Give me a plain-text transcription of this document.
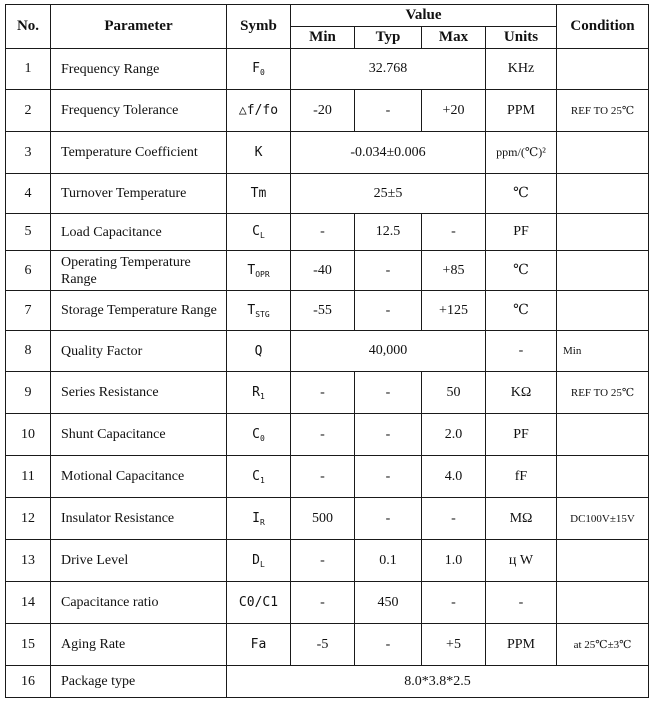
No.	Parameter	Symb	Value				Condition
			Min	Typ	Max	Units	
1	Frequency Range	$F_0$	32.768			KHz	
2	Frequency Tolerance	△f/fo	-20	-	+20	PPM	REF TO 25℃
3	Temperature Coefficient	K	-0.034±0.006			ppm/(℃)²	
4	Turnover Temperature	Tm	25±5			℃	
5	Load Capacitance	$C_L$	-	12.5	-	PF	
6	Operating Temperature Range	$T_{OPR}$	-40	-	+85	℃	
7	Storage Temperature Range	$T_{STG}$	-55	-	+125	℃	
8	Quality Factor	Q	40,000			-	Min
9	Series Resistance	$R_1$	-	-	50	KΩ	REF TO 25℃
10	Shunt Capacitance	$C_0$	-	-	2.0	PF	
11	Motional Capacitance	$C_1$	-	-	4.0	fF	
12	Insulator Resistance	$I_R$	500	-	-	MΩ	DC100V±15V
13	Drive Level	$D_L$	-	0.1	1.0	ц W	
14	Capacitance ratio	C0/C1	-	450	-	-	
15	Aging Rate	Fa	-5	-	+5	PPM	at 25℃±3℃
16	Package type	8.0*3.8*2.5					
